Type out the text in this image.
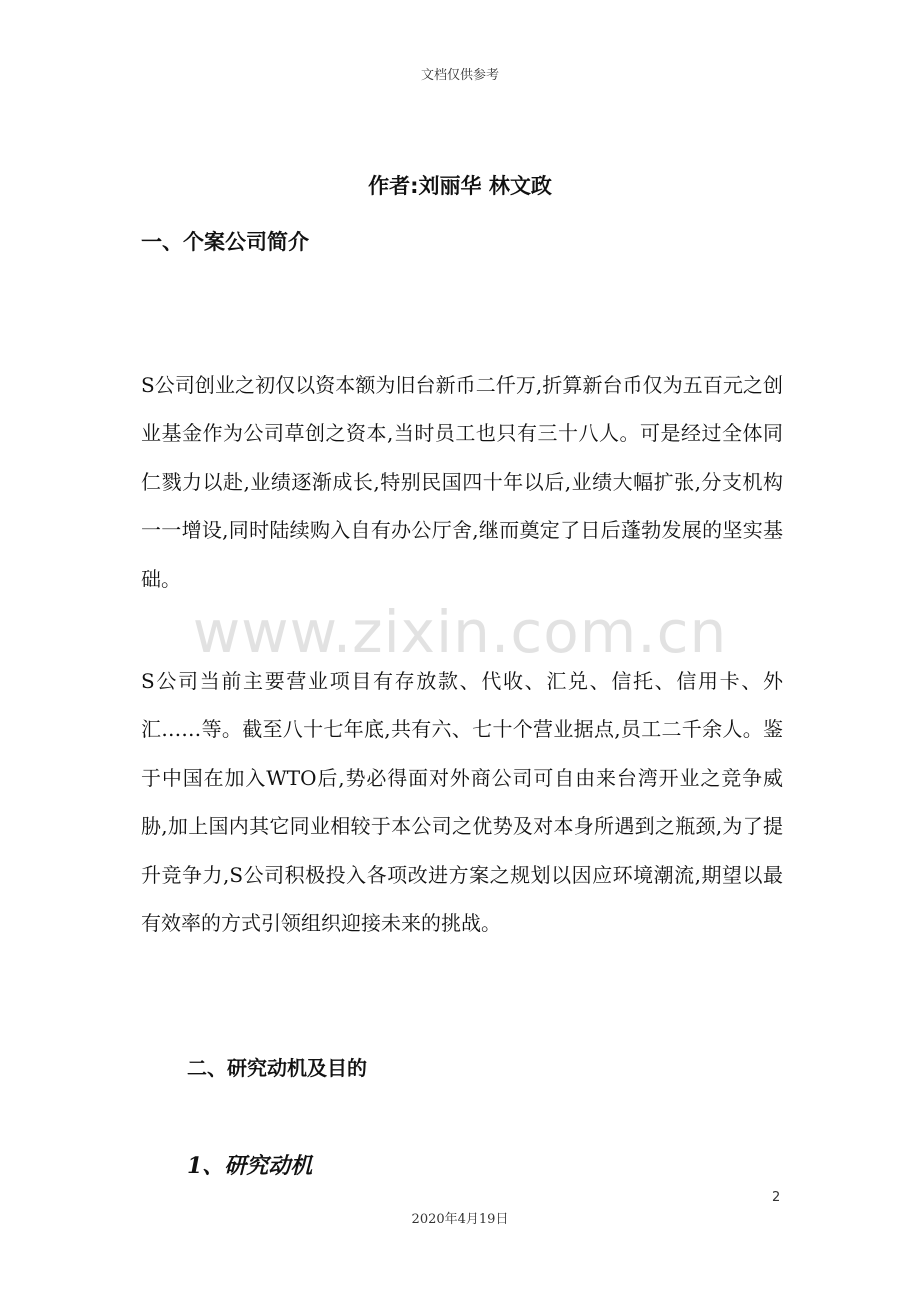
文档仅供参考
作者:刘丽华 林文政
一、个案公司简介

S公司创业之初仅以资本额为旧台新币二仟万,折算新台币仅为五百元之创业基金作为公司草创之资本,当时员工也只有三十八人。可是经过全体同仁戮力以赴,业绩逐渐成长,特别民国四十年以后,业绩大幅扩张,分支机构一一增设,同时陆续购入自有办公厅舍,继而奠定了日后蓬勃发展的坚实基础。

www.zixin.com.cn

S公司当前主要营业项目有存放款、代收、汇兑、信托、信用卡、外汇……等。截至八十七年底,共有六、七十个营业据点,员工二千余人。鉴于中国在加入WTO后,势必得面对外商公司可自由来台湾开业之竞争威胁,加上国内其它同业相较于本公司之优势及对本身所遇到之瓶颈,为了提升竞争力,S公司积极投入各项改进方案之规划以因应环境潮流,期望以最有效率的方式引领组织迎接未来的挑战。

二、研究动机及目的
1、研究动机
2
2020年4月19日
